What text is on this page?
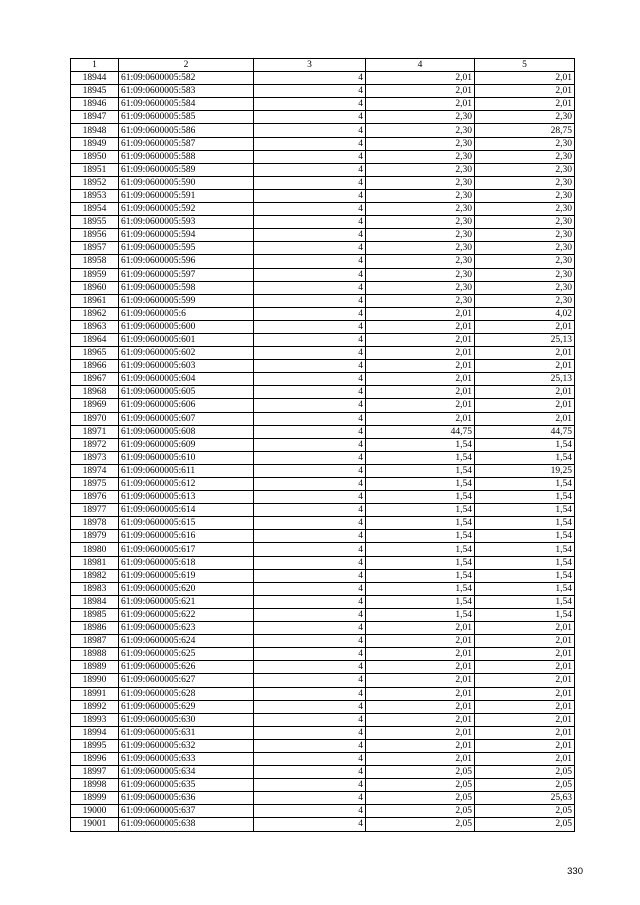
1	2	3	4	5
18944	61:09:0600005:582	4	2,01	2,01
18945	61:09:0600005:583	4	2,01	2,01
18946	61:09:0600005:584	4	2,01	2,01
18947	61:09:0600005:585	4	2,30	2,30
18948	61:09:0600005:586	4	2,30	28,75
18949	61:09:0600005:587	4	2,30	2,30
18950	61:09:0600005:588	4	2,30	2,30
18951	61:09:0600005:589	4	2,30	2,30
18952	61:09:0600005:590	4	2,30	2,30
18953	61:09:0600005:591	4	2,30	2,30
18954	61:09:0600005:592	4	2,30	2,30
18955	61:09:0600005:593	4	2,30	2,30
18956	61:09:0600005:594	4	2,30	2,30
18957	61:09:0600005:595	4	2,30	2,30
18958	61:09:0600005:596	4	2,30	2,30
18959	61:09:0600005:597	4	2,30	2,30
18960	61:09:0600005:598	4	2,30	2,30
18961	61:09:0600005:599	4	2,30	2,30
18962	61:09:0600005:6	4	2,01	4,02
18963	61:09:0600005:600	4	2,01	2,01
18964	61:09:0600005:601	4	2,01	25,13
18965	61:09:0600005:602	4	2,01	2,01
18966	61:09:0600005:603	4	2,01	2,01
18967	61:09:0600005:604	4	2,01	25,13
18968	61:09:0600005:605	4	2,01	2,01
18969	61:09:0600005:606	4	2,01	2,01
18970	61:09:0600005:607	4	2,01	2,01
18971	61:09:0600005:608	4	44,75	44,75
18972	61:09:0600005:609	4	1,54	1,54
18973	61:09:0600005:610	4	1,54	1,54
18974	61:09:0600005:611	4	1,54	19,25
18975	61:09:0600005:612	4	1,54	1,54
18976	61:09:0600005:613	4	1,54	1,54
18977	61:09:0600005:614	4	1,54	1,54
18978	61:09:0600005:615	4	1,54	1,54
18979	61:09:0600005:616	4	1,54	1,54
18980	61:09:0600005:617	4	1,54	1,54
18981	61:09:0600005:618	4	1,54	1,54
18982	61:09:0600005:619	4	1,54	1,54
18983	61:09:0600005:620	4	1,54	1,54
18984	61:09:0600005:621	4	1,54	1,54
18985	61:09:0600005:622	4	1,54	1,54
18986	61:09:0600005:623	4	2,01	2,01
18987	61:09:0600005:624	4	2,01	2,01
18988	61:09:0600005:625	4	2,01	2,01
18989	61:09:0600005:626	4	2,01	2,01
18990	61:09:0600005:627	4	2,01	2,01
18991	61:09:0600005:628	4	2,01	2,01
18992	61:09:0600005:629	4	2,01	2,01
18993	61:09:0600005:630	4	2,01	2,01
18994	61:09:0600005:631	4	2,01	2,01
18995	61:09:0600005:632	4	2,01	2,01
18996	61:09:0600005:633	4	2,01	2,01
18997	61:09:0600005:634	4	2,05	2,05
18998	61:09:0600005:635	4	2,05	2,05
18999	61:09:0600005:636	4	2,05	25,63
19000	61:09:0600005:637	4	2,05	2,05
19001	61:09:0600005:638	4	2,05	2,05
330
